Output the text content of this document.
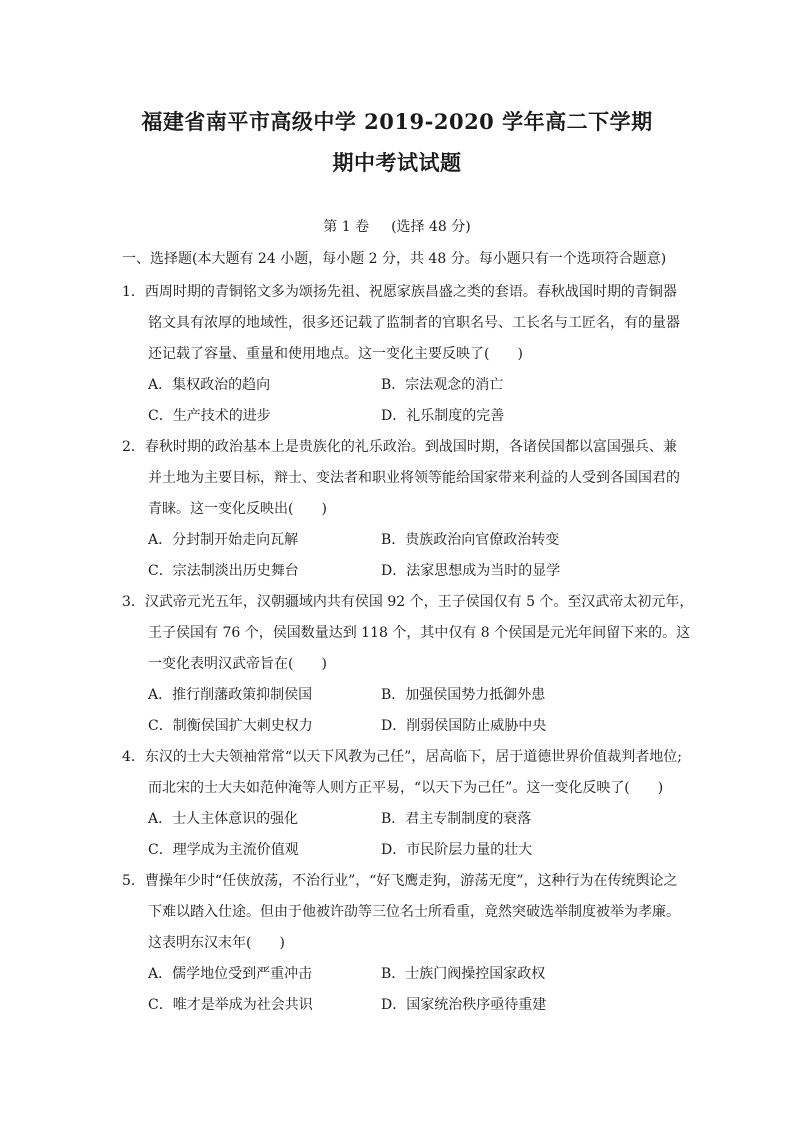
福建省南平市高级中学 2019-2020 学年高二下学期
期中考试试题
第 1 卷 (选择 48 分)
一、选择题(本大题有 24 小题，每小题 2 分，共 48 分。每小题只有一个选项符合题意)
1．西周时期的青铜铭文多为颂扬先祖、祝愿家族昌盛之类的套语。春秋战国时期的青铜器
铭文具有浓厚的地域性，很多还记载了监制者的官职名号、工长名与工匠名，有的量器
还记载了容量、重量和使用地点。这一变化主要反映了(　　)
A．集权政治的趋向	B．宗法观念的消亡
C．生产技术的进步	D．礼乐制度的完善
2．春秋时期的政治基本上是贵族化的礼乐政治。到战国时期，各诸侯国都以富国强兵、兼
并土地为主要目标，辩士、变法者和职业将领等能给国家带来利益的人受到各国国君的
青睐。这一变化反映出(　　)
A．分封制开始走向瓦解	B．贵族政治向官僚政治转变
C．宗法制淡出历史舞台	D．法家思想成为当时的显学
3．汉武帝元光五年，汉朝疆域内共有侯国 92 个，王子侯国仅有 5 个。至汉武帝太初元年，
王子侯国有 76 个，侯国数量达到 118 个，其中仅有 8 个侯国是元光年间留下来的。这
一变化表明汉武帝旨在(　　)
A．推行削藩政策抑制侯国	B．加强侯国势力抵御外患
C．制衡侯国扩大刺史权力	D．削弱侯国防止威胁中央
4．东汉的士大夫领袖常常“以天下风教为己任”，居高临下，居于道德世界价值裁判者地位;
而北宋的士大夫如范仲淹等人则方正平易，“以天下为己任”。这一变化反映了(　　)
A．士人主体意识的强化	B．君主专制制度的衰落
C．理学成为主流价值观	D．市民阶层力量的壮大
5．曹操年少时“任侠放荡，不治行业”，“好飞鹰走狗，游荡无度”，这种行为在传统舆论之
下难以踏入仕途。但由于他被许劭等三位名士所看重，竟然突破选举制度被举为孝廉。
这表明东汉末年(　　)
A．儒学地位受到严重冲击	B．士族门阀操控国家政权
C．唯才是举成为社会共识	D．国家统治秩序亟待重建
